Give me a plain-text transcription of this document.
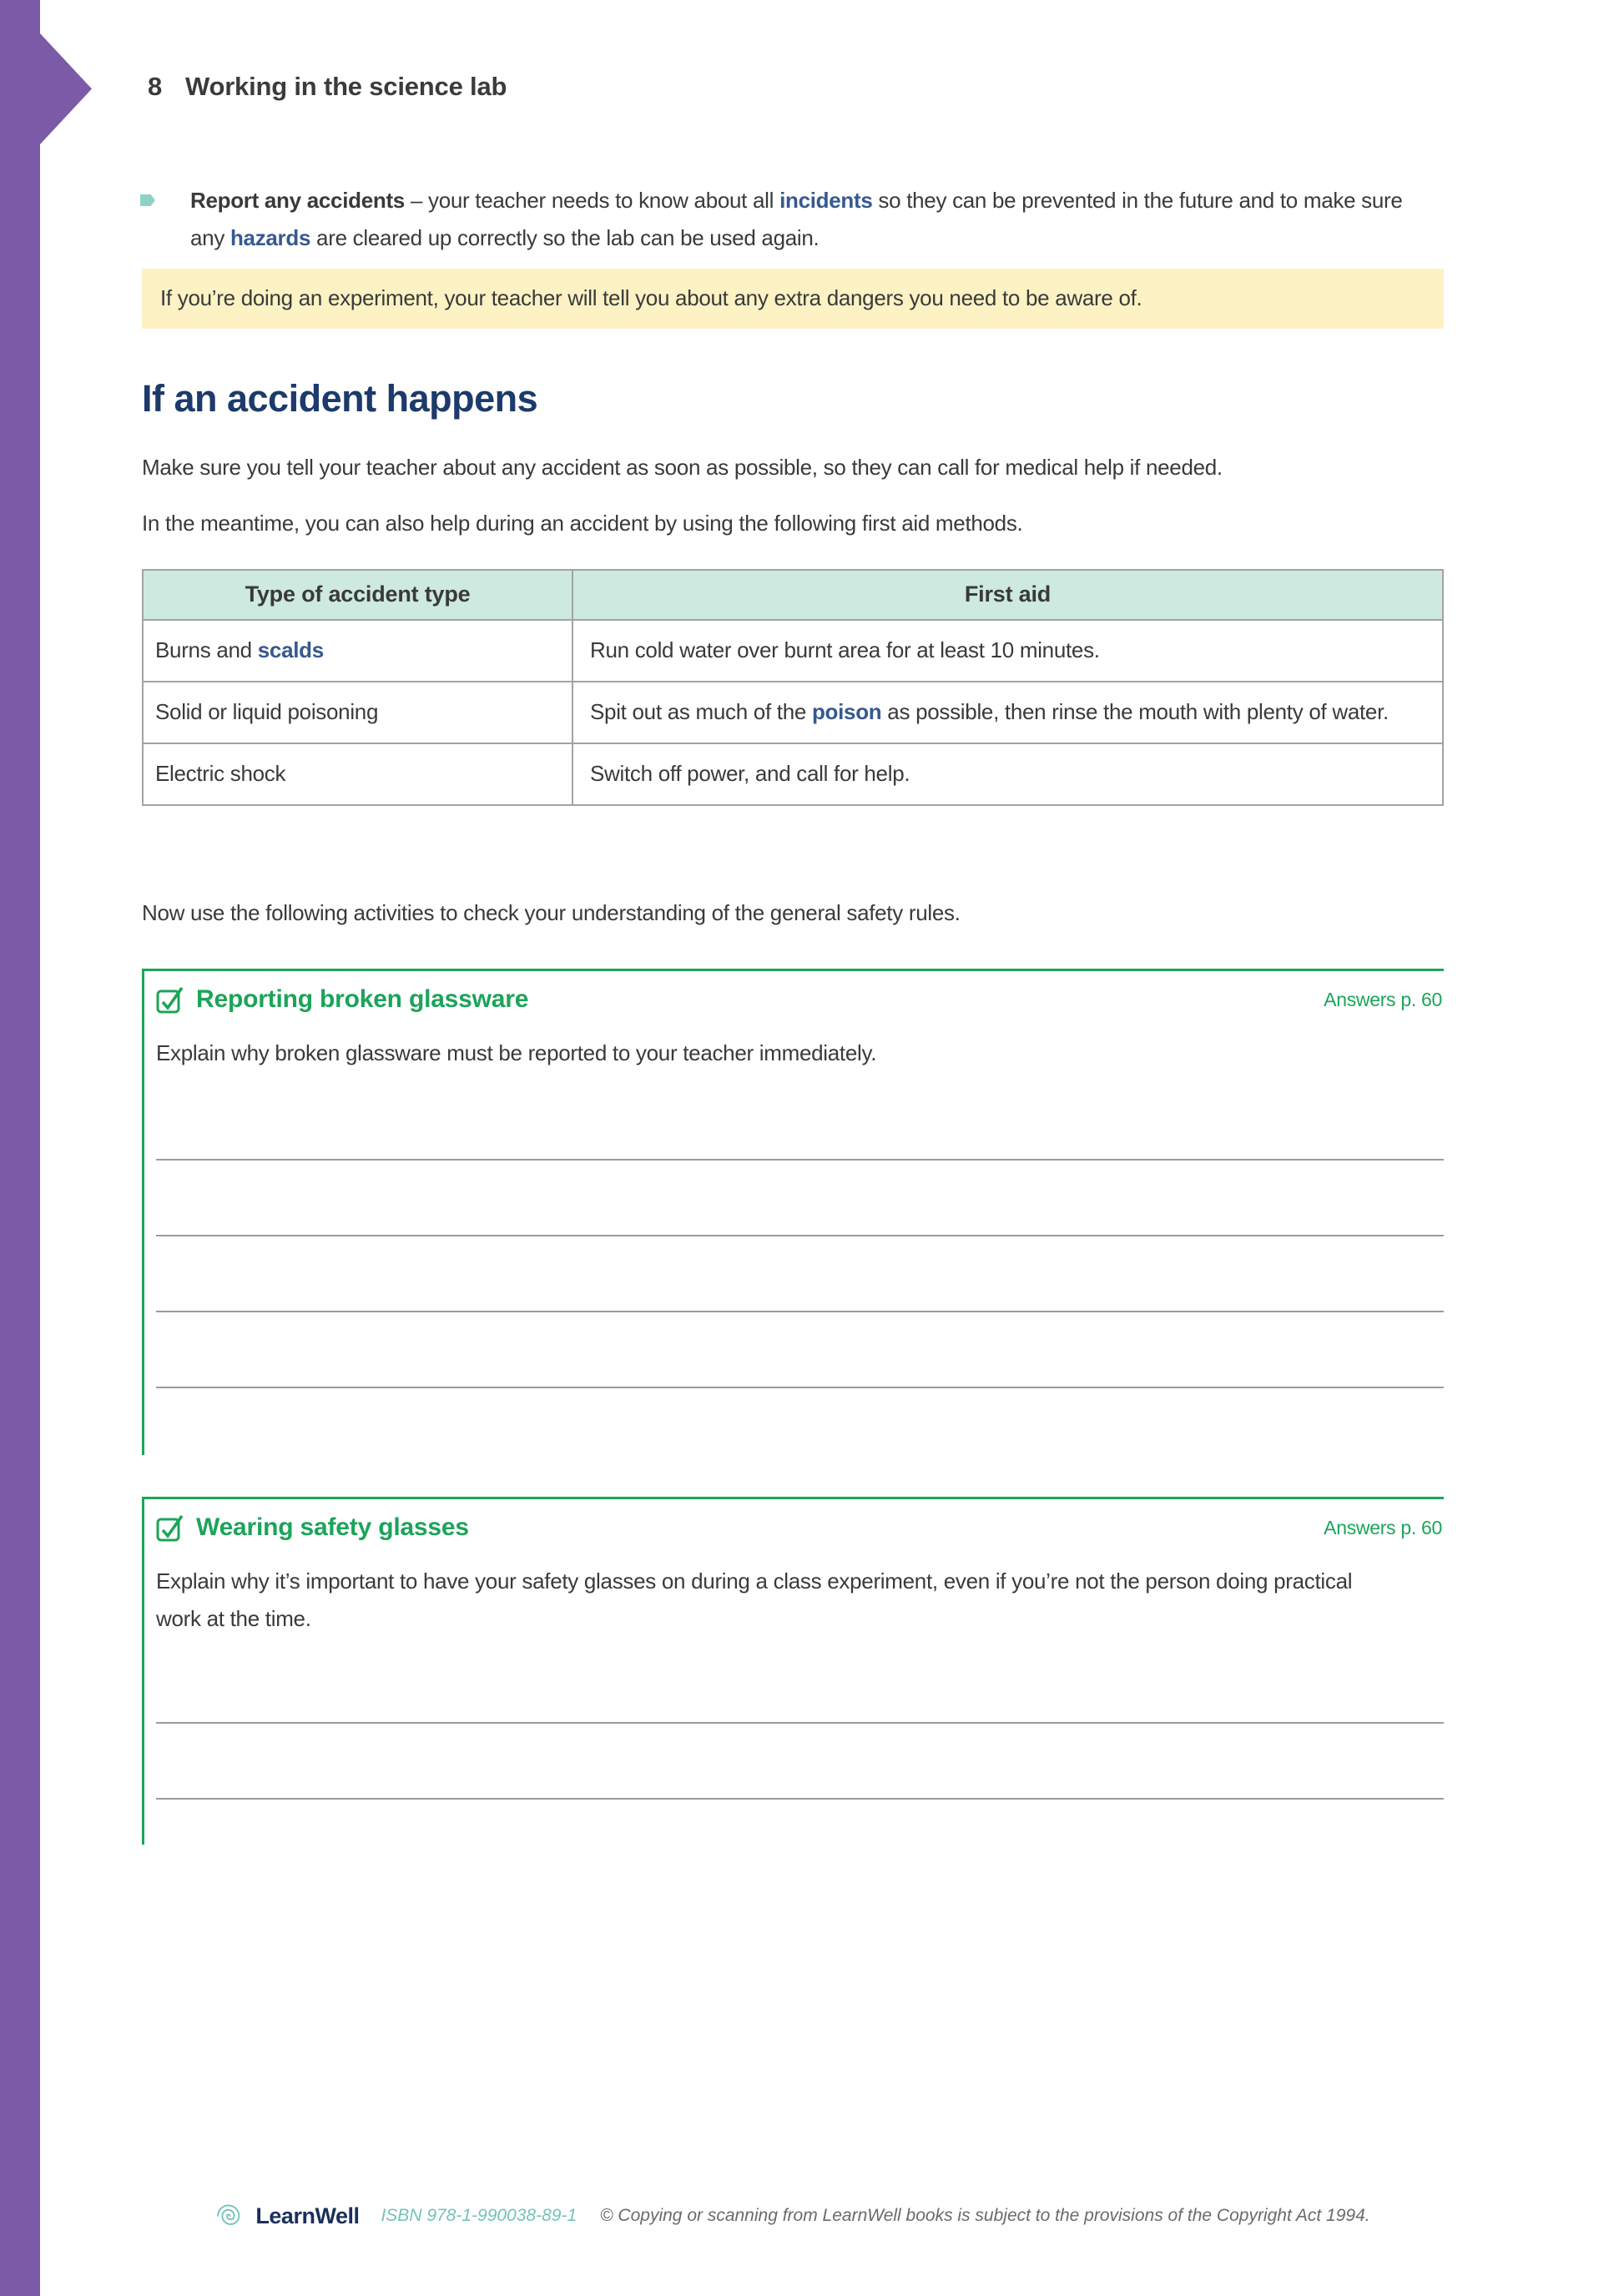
8 Working in the science lab
Report any accidents – your teacher needs to know about all incidents so they can be prevented in the future and to make sure any hazards are cleared up correctly so the lab can be used again.
If you’re doing an experiment, your teacher will tell you about any extra dangers you need to be aware of.
If an accident happens

Make sure you tell your teacher about any accident as soon as possible, so they can call for medical help if needed.

In the meantime, you can also help during an accident by using the following first aid methods.

Type of accident type	First aid
Burns and scalds	Run cold water over burnt area for at least 10 minutes.
Solid or liquid poisoning	Spit out as much of the poison as possible, then rinse the mouth with plenty of water.
Electric shock	Switch off power, and call for help.

Now use the following activities to check your understanding of the general safety rules.

Reporting broken glassware	Answers p. 60

Explain why broken glassware must be reported to your teacher immediately.

Wearing safety glasses	Answers p. 60

Explain why it’s important to have your safety glasses on during a class experiment, even if you’re not the person doing practical work at the time.

LearnWell ISBN 978-1-990038-89-1 © Copying or scanning from LearnWell books is subject to the provisions of the Copyright Act 1994.
